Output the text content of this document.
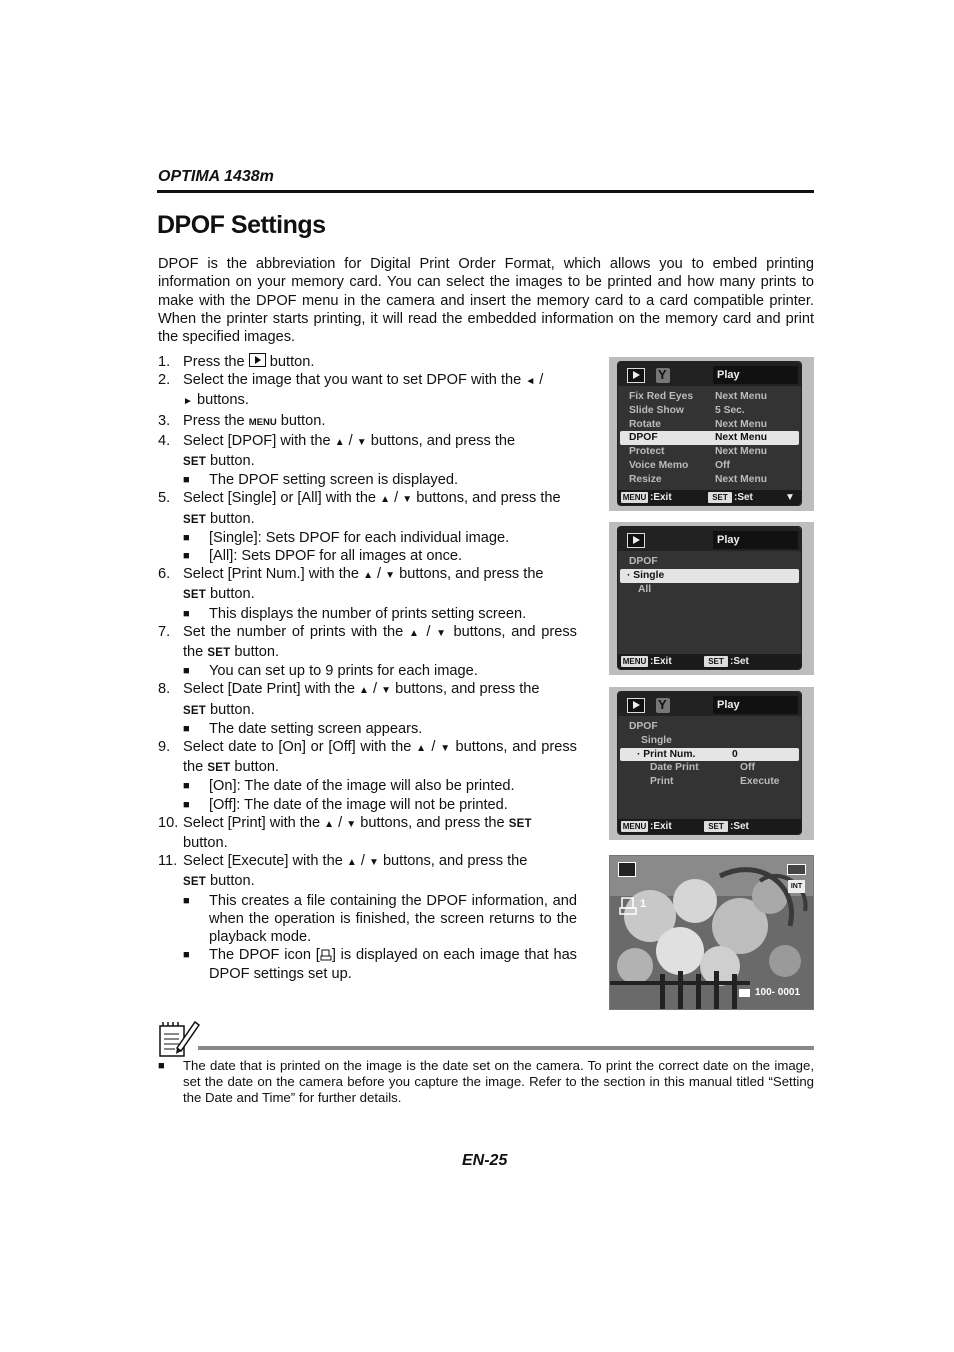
OPTIMA 1438m
DPOF Settings
DPOF is the abbreviation for Digital Print Order Format, which allows you to embed printing information on your memory card. You can select the images to be printed and how many prints to make with the DPOF menu in the camera and insert the memory card to a card compatible printer. When the printer starts printing, it will read the embedded information on the memory card and print the specified images.
1. Press the button.
2. Select the image that you want to set DPOF with the ◄ /
► buttons.
3. Press the MENU button.
4. Select [DPOF] with the ▲ / ▼ buttons, and press the
SET button.
■	The DPOF setting screen is displayed.
5. Select [Single] or [All] with the ▲ / ▼ buttons, and press the
SET button.
■	[Single]: Sets DPOF for each individual image.
■	[All]: Sets DPOF for all images at once.
6. Select [Print Num.] with the ▲ / ▼ buttons, and press the
SET button.
■	This displays the number of prints setting screen.
7. Set the number of prints with the ▲ / ▼ buttons, and press the SET button.
■	You can set up to 9 prints for each image.
8. Select [Date Print] with the ▲ / ▼ buttons, and press the
SET button.
■	The date setting screen appears.
9. Select date to [On] or [Off] with the ▲ / ▼ buttons, and press the SET button.
■	[On]: The date of the image will also be printed.
■	[Off]: The date of the image will not be printed.
10. Select [Print] with the ▲ / ▼ buttons, and press the SET
button.
11. Select [Execute] with the ▲ / ▼ buttons, and press the
SET button.
■	This creates a file containing the DPOF information, and when the operation is finished, the screen returns to the playback mode.
■	The DPOF icon [ ] is displayed on each image that has DPOF settings set up.
Y
Play
Fix Red Eyes Next Menu
Slide Show	5 Sec.
Rotate	Next Menu
DPOF	Next Menu
Protect	Next Menu
Voice Memo	Off
Resize	Next Menu
MENU :Exit	SET :Set	▼
Play
DPOF
· Single
All
MENU :Exit	SET :Set
Y
Play
DPOF
Single
· Print Num.	0
Date Print	Off
Print	Execute
MENU :Exit	SET :Set
INT
1
100- 0001
■	The date that is printed on the image is the date set on the camera. To print the correct date on the image, set the date on the camera before you capture the image. Refer to the section in this manual titled “Setting the Date and Time” for further details.
EN-25
